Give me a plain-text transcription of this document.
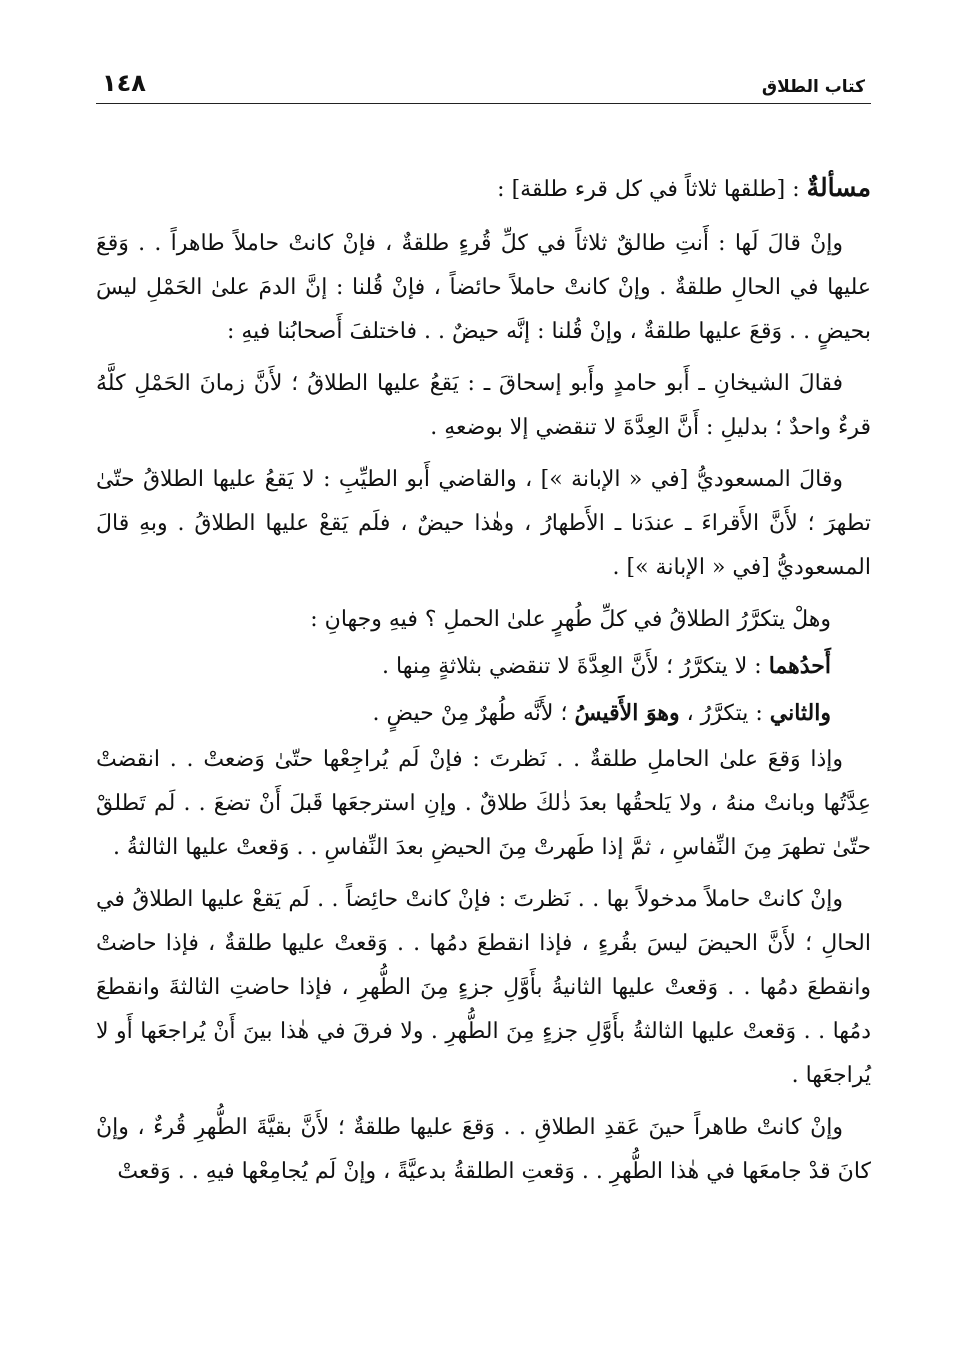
كتاب الطلاق
١٤٨

مسألةٌ : [طلقها ثلاثاً في كل قرء طلقة] :

وإنْ قالَ لَها : أَنتِ طالقٌ ثلاثاً في كلِّ قُرءٍ طلقةٌ ، فإنْ كانتْ حاملاً طاهراً . . وَقعَ عليها في الحالِ طلقةٌ . وإنْ كانتْ حاملاً حائضاً ، فإنْ قُلنا : إنَّ الدمَ علىٰ الحَمْلِ ليسَ بحيضٍ . . وَقعَ عليها طلقةٌ ، وإنْ قُلنا : إنَّه حيضٌ . . فاختلفَ أَصحابُنا فيهِ :

فقالَ الشيخانِ ـ أَبو حامدٍ وأَبو إسحاقَ ـ : يَقعُ عليها الطلاقُ ؛ لأَنَّ زمانَ الحَمْلِ كلَّهُ قرءٌ واحدٌ ؛ بدليلِ : أَنَّ العِدَّةَ لا تنقضي إلا بوضعهِ .

وقالَ المسعوديُّ [في « الإبانة »] ، والقاضي أَبو الطيِّبِ : لا يَقعُ عليها الطلاقُ حتّىٰ تطهرَ ؛ لأَنَّ الأَقراءَ ـ عندَنا ـ الأَطهارُ ، وهٰذا حيضٌ ، فلَم يَقعْ عليها الطلاقُ . وبهِ قالَ المسعوديُّ [في « الإبانة »] .

وهلْ يتكرَّرُ الطلاقُ في كلِّ طُهرٍ علىٰ الحملِ ؟ فيهِ وجهانِ :

أَحدُهما : لا يتكرَّرُ ؛ لأَنَّ العِدَّةَ لا تنقضي بثلاثةٍ مِنها .

والثاني : يتكرَّرُ ، وهوَ الأَقيسُ ؛ لأَنَّه طُهرٌ مِنْ حيضٍ .

وإذا وَقعَ علىٰ الحاملِ طلقةٌ . . نَظرتَ : فإنْ لَم يُراجِعْها حتّىٰ وَضعتْ . . انقضتْ عِدَّتُها وبانتْ منهُ ، ولا يَلحقُها بعدَ ذٰلكَ طلاقٌ . وإنِ استرجعَها قَبلَ أَنْ تضعَ . . لَم تَطلقْ حتّىٰ تطهرَ مِنَ النِّفاسِ ، ثمَّ إذا طَهرتْ مِنَ الحيضِ بعدَ النِّفاسِ . . وَقعتْ عليها الثالثةُ .

وإنْ كانتْ حاملاً مدخولاً بها . . نَظرتَ : فإنْ كانتْ حائِضاً . . لَم يَقعْ عليها الطلاقُ في الحالِ ؛ لأَنَّ الحيضَ ليسَ بقُرءٍ ، فإذا انقطعَ دمُها . . وَقعتْ عليها طلقةٌ ، فإذا حاضتْ وانقطعَ دمُها . . وَقعتْ عليها الثانيةُ بأَوَّلِ جزءٍ مِنَ الطُّهرِ ، فإذا حاضتِ الثالثةَ وانقطعَ دمُها . . وَقعتْ عليها الثالثةُ بأَوَّلِ جزءٍ مِنَ الطُّهرِ . ولا فرقَ في هٰذا بينَ أَنْ يُراجعَها أَو لا يُراجعَها .

وإنْ كانتْ طاهراً حينَ عَقدِ الطلاقِ . . وَقعَ عليها طلقةٌ ؛ لأَنَّ بقيَّةَ الطُّهرِ قُرءٌ ، وإنْ كانَ قدْ جامعَها في هٰذا الطُّهرِ . . وَقعتِ الطلقةُ بدعيَّةً ، وإنْ لَم يُجامِعْها فيهِ . . وَقعتْ
